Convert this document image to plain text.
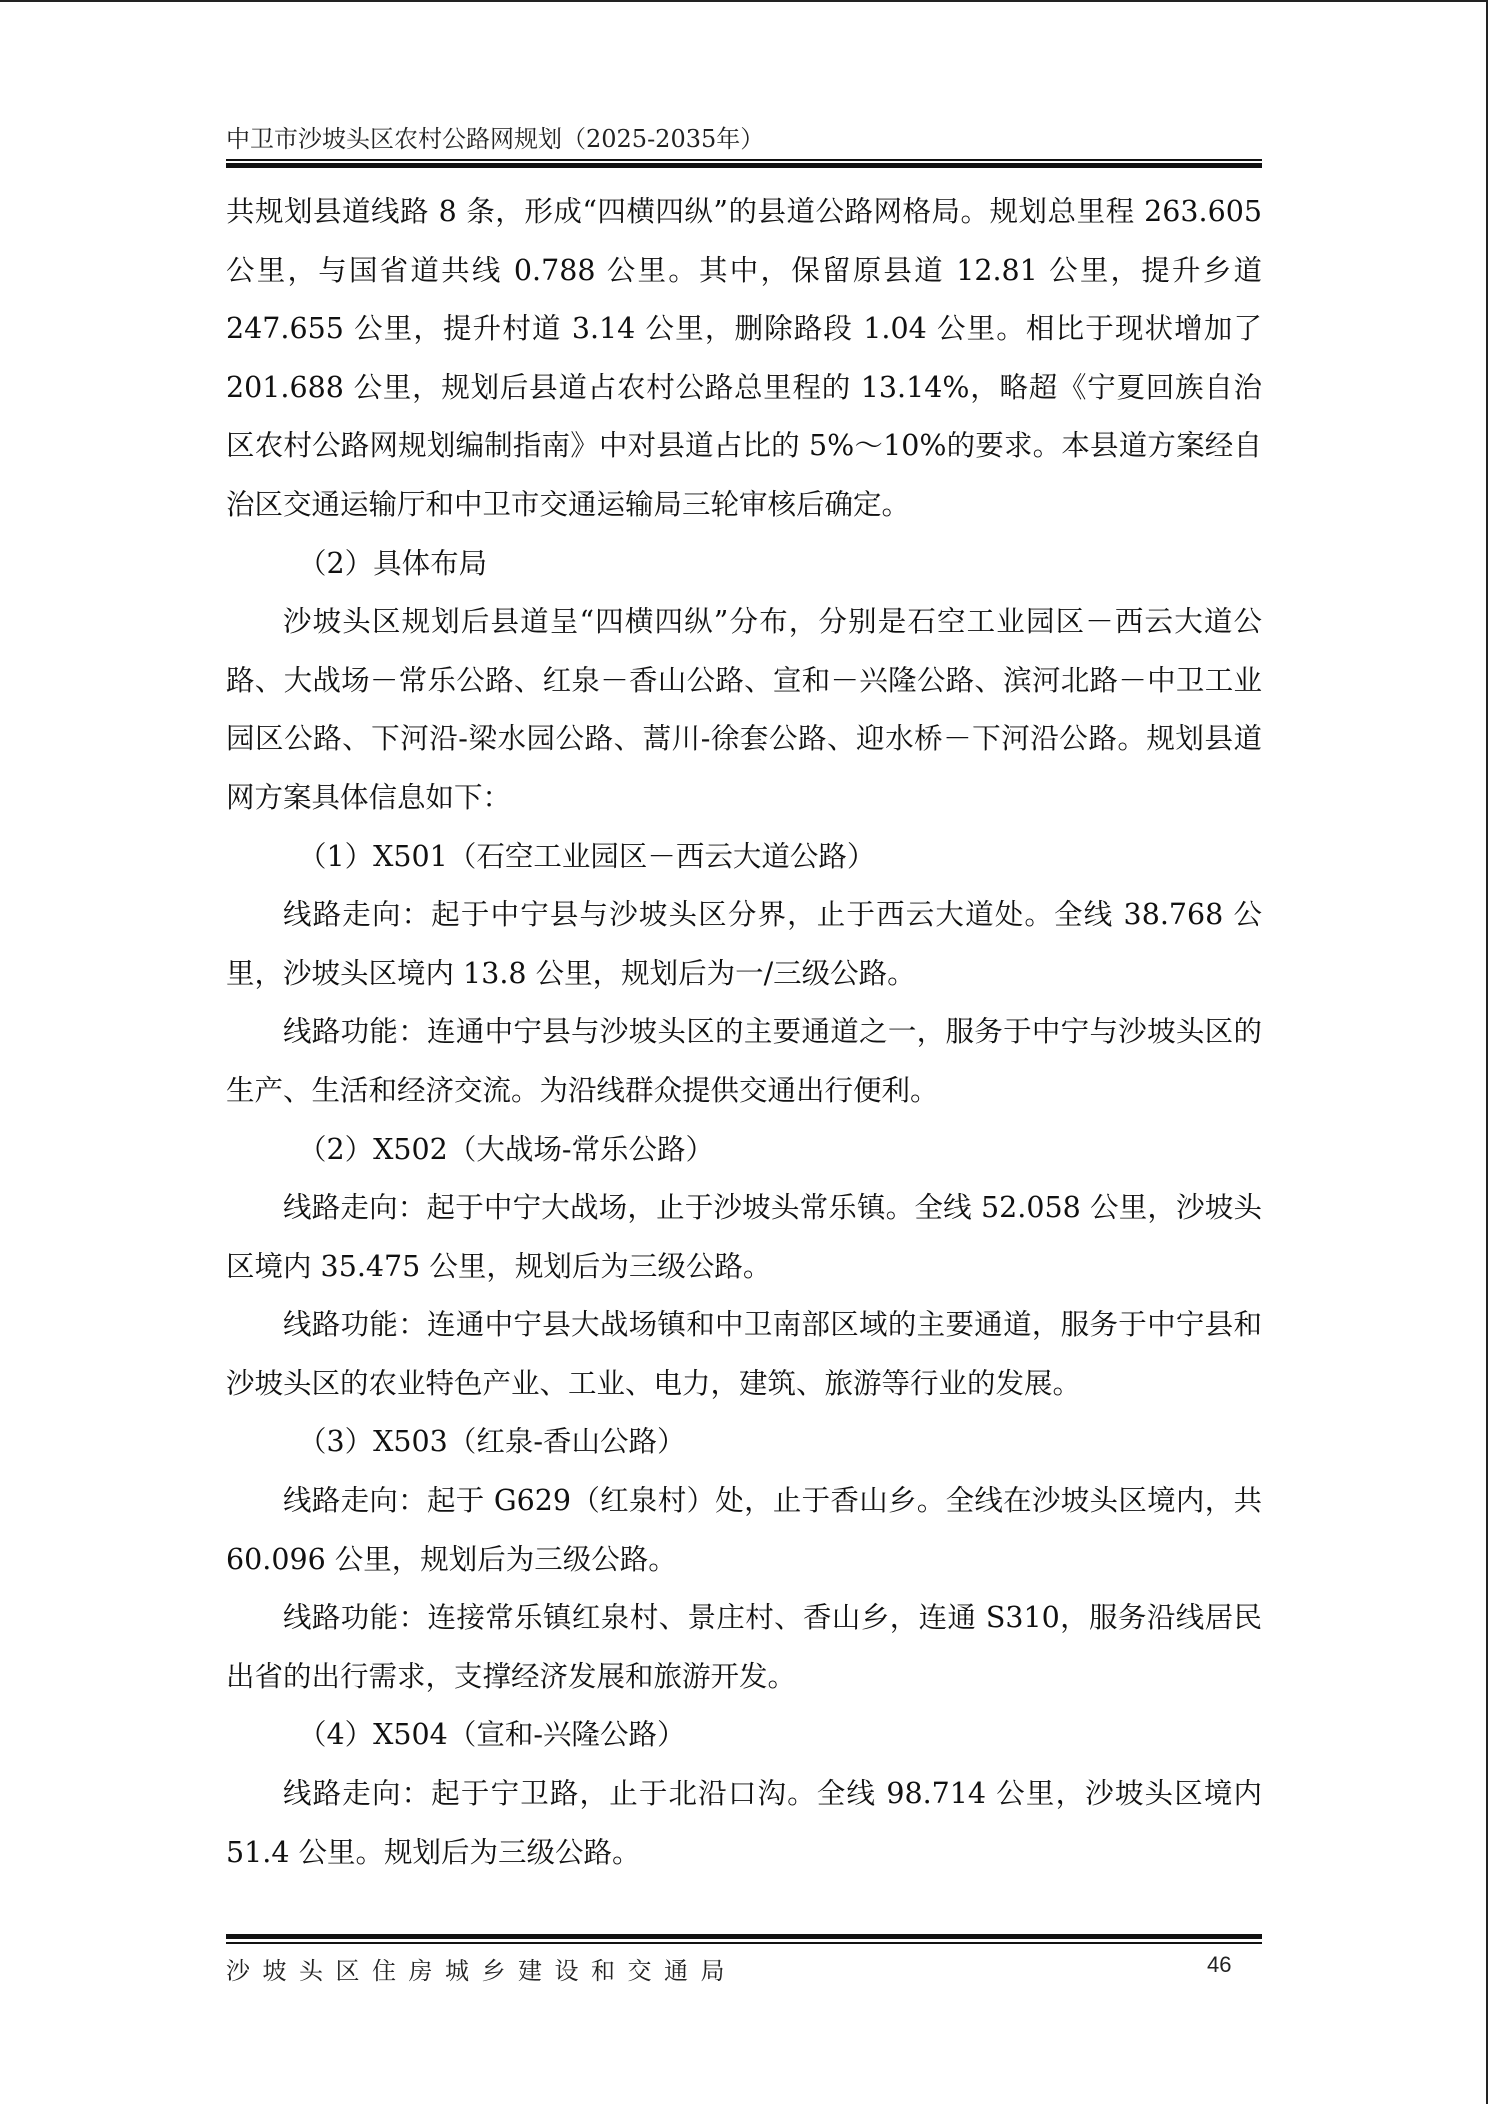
中卫市沙坡头区农村公路网规划（2025-2035年）

共规划县道线路 8 条，形成“四横四纵”的县道公路网格局。规划总里程 263.605 公里，与国省道共线 0.788 公里。其中，保留原县道 12.81 公里，提升乡道 247.655 公里，提升村道 3.14 公里，删除路段 1.04 公里。相比于现状增加了 201.688 公里，规划后县道占农村公路总里程的 13.14%，略超《宁夏回族自治区农村公路网规划编制指南》中对县道占比的 5%～10%的要求。本县道方案经自治区交通运输厅和中卫市交通运输局三轮审核后确定。

（2）具体布局

沙坡头区规划后县道呈“四横四纵”分布，分别是石空工业园区－西云大道公路、大战场－常乐公路、红泉－香山公路、宣和－兴隆公路、滨河北路－中卫工业园区公路、下河沿-梁水园公路、蒿川-徐套公路、迎水桥－下河沿公路。规划县道网方案具体信息如下：

（1）X501（石空工业园区－西云大道公路）

线路走向：起于中宁县与沙坡头区分界，止于西云大道处。全线 38.768 公里，沙坡头区境内 13.8 公里，规划后为一/三级公路。

线路功能：连通中宁县与沙坡头区的主要通道之一，服务于中宁与沙坡头区的生产、生活和经济交流。为沿线群众提供交通出行便利。

（2）X502（大战场-常乐公路）

线路走向：起于中宁大战场，止于沙坡头常乐镇。全线 52.058 公里，沙坡头区境内 35.475 公里，规划后为三级公路。

线路功能：连通中宁县大战场镇和中卫南部区域的主要通道，服务于中宁县和沙坡头区的农业特色产业、工业、电力，建筑、旅游等行业的发展。

（3）X503（红泉-香山公路）

线路走向：起于 G629（红泉村）处，止于香山乡。全线在沙坡头区境内，共 60.096 公里，规划后为三级公路。

线路功能：连接常乐镇红泉村、景庄村、香山乡，连通 S310，服务沿线居民出省的出行需求，支撑经济发展和旅游开发。

（4）X504（宣和-兴隆公路）

线路走向：起于宁卫路，止于北沿口沟。全线 98.714 公里，沙坡头区境内 51.4 公里。规划后为三级公路。

沙坡头区住房城乡建设和交通局	46
